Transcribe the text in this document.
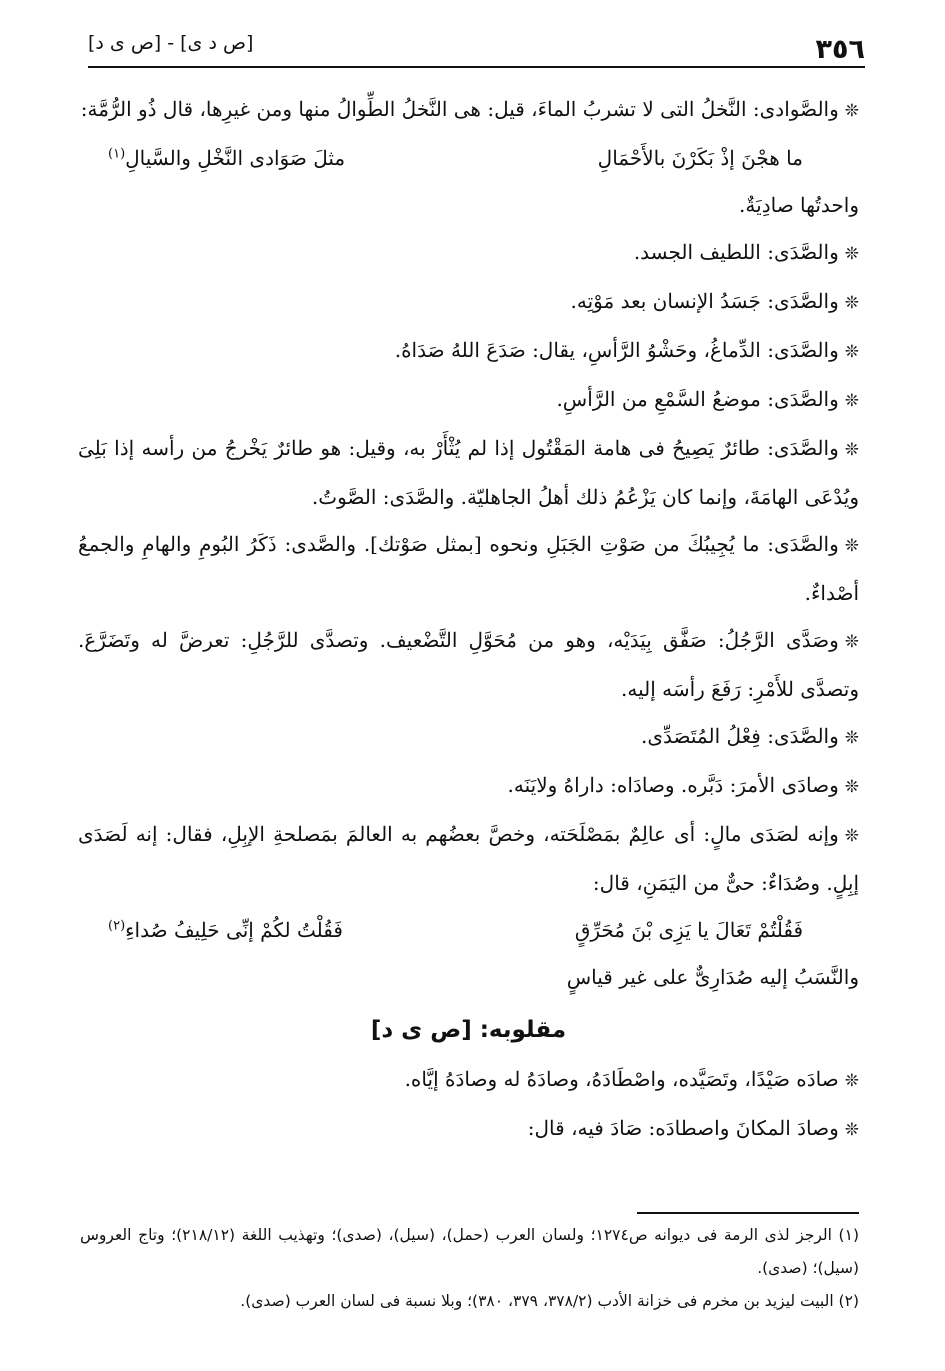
٣٥٦
[ص د ى] - [ص ى د]

❊والصَّوادى: النَّخلُ التى لا تشربُ الماءَ، قيل: هى النَّخلُ الطِّوالُ منها ومن غيرِها، قال ذُو الرُّمَّة:

ما هجْنَ إذْ بَكَرْنَ بالأَحْمَالِ
مثلَ صَوَادى النَّخْلِ والسَّيالِ$^{(١)}$

واحدتُها صادِيَةٌ.

❊والصَّدَى: اللطيف الجسد.

❊والصَّدَى: جَسَدُ الإنسان بعد مَوْتِه.

❊والصَّدَى: الدِّماغُ، وحَشْوُ الرَّأسِ، يقال: صَدَعَ اللهُ صَدَاهُ.

❊والصَّدَى: موضعُ السَّمْعِ من الرَّأسِ.

❊والصَّدَى: طائرٌ يَصِيحُ فى هامة المَقْتُول إذا لم يُثْأَرْ به، وقيل: هو طائرٌ يَخْرجُ من رأسه إذا بَلِىَ ويُدْعَى الهامَةَ، وإنما كان يَزْعُمُ ذلك أهلُ الجاهليّة. والصَّدَى: الصَّوتُ.

❊والصَّدَى: ما يُجِيبُكَ من صَوْتِ الجَبَلِ ونحوه [بمثل صَوْتك]. والصَّدى: ذَكَرُ البُومِ والهامِ والجمعُ أصْداءٌ.

❊وصَدَّى الرَّجُلُ: صَفَّق بِيَدَيْه، وهو من مُحَوَّلِ التَّضْعيف. وتصدَّى للرَّجُلِ: تعرضَّ له وتَضَرَّعَ. وتصدَّى للأَمْرِ: رَفَعَ رأسَه إليه.

❊والصَّدَى: فِعْلُ المُتَصَدِّى.

❊وصادَى الأمرَ: دَبَّره. وصادَاه: داراهُ ولايَنَه.

❊وإنه لصَدَى مالٍ: أى عالِمٌ بمَصْلَحَته، وخصَّ بعضُهم به العالمَ بمَصلحةِ الإبِلِ، فقال: إنه لَصَدَى إبِلٍ. وصُدَاءٌ: حىٌّ من اليَمَنِ، قال:

فَقُلْتُمْ تَعَالَ يا يَزِى بْنَ مُحَرِّقٍ
فَقُلْتُ لكُمْ إنِّى حَلِيفُ صُداءِ$^{(٢)}$

والنَّسَبُ إليه صُدَارِىٌّ على غير قياسٍ

مقلوبه: [ص ى د]

❊صادَه صَيْدًا، وتَصَيَّده، واصْطَادَهُ، وصادَهُ له وصادَهُ إيَّاه.

❊وصادَ المكانَ واصطادَه: صَادَ فيه، قال:

(١) الرجز لذى الرمة فى ديوانه ص١٢٧٤؛ ولسان العرب (حمل)، (سيل)، (صدى)؛ وتهذيب اللغة (٢١٨/١٢)؛ وتاج العروس (سيل)؛ (صدى).

(٢) البيت ليزيد بن مخرم فى خزانة الأدب (٣٧٨/٢، ٣٧٩، ٣٨٠)؛ وبلا نسبة فى لسان العرب (صدى).
